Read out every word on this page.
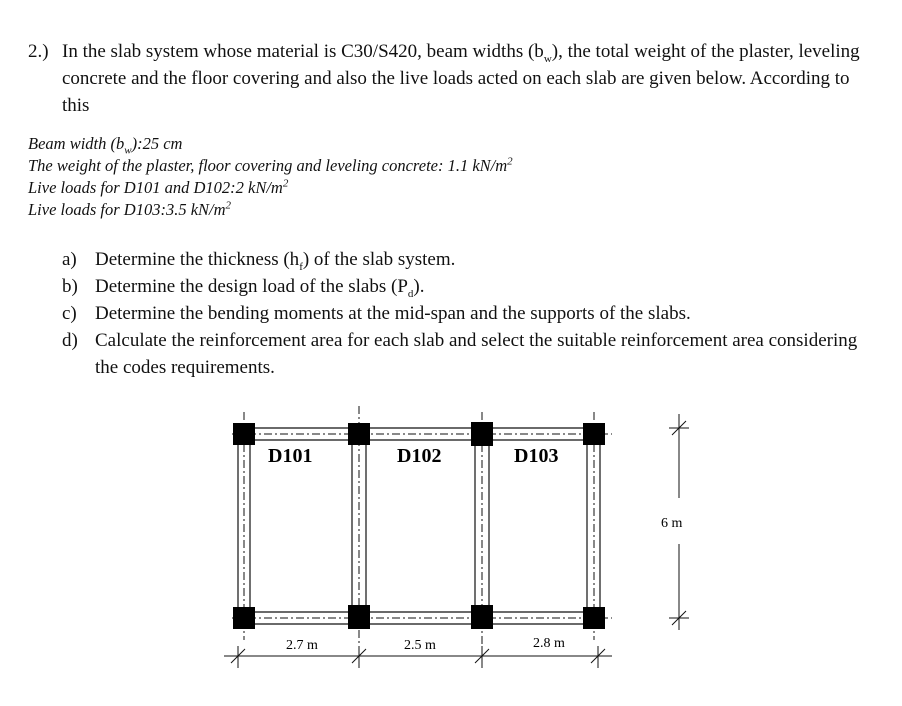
2.) In the slab system whose material is C30/S420, beam widths $(b_w)$, the total weight of the plaster, leveling concrete and the floor covering and also the live loads acted on each slab are given below. According to this
Beam width $(b_w):25$ cm
The weight of the plaster, floor covering and leveling concrete: 1.1 $kN/m^2$
Live loads for D101 and D102:2 $kN/m^2$
Live loads for D103:3.5 $kN/m^2$
a) Determine the thickness $(h_f)$ of the slab system.
b) Determine the design load of the slabs $(P_d)$.
c) Determine the bending moments at the mid-span and the supports of the slabs.
d) Calculate the reinforcement area for each slab and select the suitable reinforcement area considering the codes requirements.
D101	D102	D103
2.7 m	2.5 m	2.8 m
6 m
